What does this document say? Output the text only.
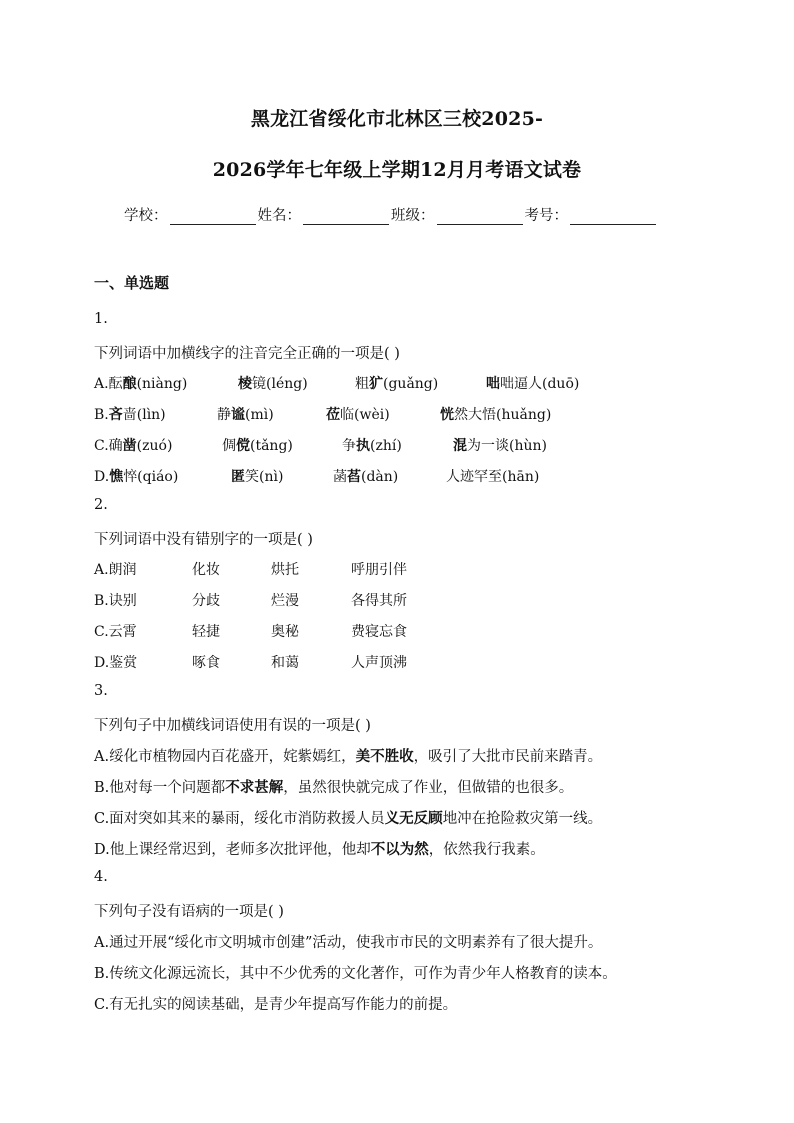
黑龙江省绥化市北林区三校2025-
2026学年七年级上学期12月月考语文试卷
学校：	姓名：	班级：	考号：
一、单选题
1.
下列词语中加横线字的注音完全正确的一项是( )
A.酝酿(niàng)	棱镜(léng)	粗犷(guǎng)	咄咄逼人(duō)
B.吝啬(lìn)	静谧(mì)	莅临(wèi)	恍然大悟(huǎng)
C.确凿(zuó)	倜傥(tǎng)	争执(zhí)	混为一谈(hùn)
D.憔悴(qiáo)	匿笑(nì)	菡萏(dàn)	人迹罕至(hān)
2.
下列词语中没有错别字的一项是( )
A.朗润	化妆	烘托	呼朋引伴
B.诀别	分歧	烂漫	各得其所
C.云霄	轻捷	奥秘	费寝忘食
D.鉴赏	啄食	和蔼	人声顶沸
3.
下列句子中加横线词语使用有误的一项是( )
A.绥化市植物园内百花盛开，姹紫嫣红，美不胜收，吸引了大批市民前来踏青。
B.他对每一个问题都不求甚解，虽然很快就完成了作业，但做错的也很多。
C.面对突如其来的暴雨，绥化市消防救援人员义无反顾地冲在抢险救灾第一线。
D.他上课经常迟到，老师多次批评他，他却不以为然，依然我行我素。
4.
下列句子没有语病的一项是( )
A.通过开展“绥化市文明城市创建”活动，使我市市民的文明素养有了很大提升。
B.传统文化源远流长，其中不少优秀的文化著作，可作为青少年人格教育的读本。
C.有无扎实的阅读基础，是青少年提高写作能力的前提。
